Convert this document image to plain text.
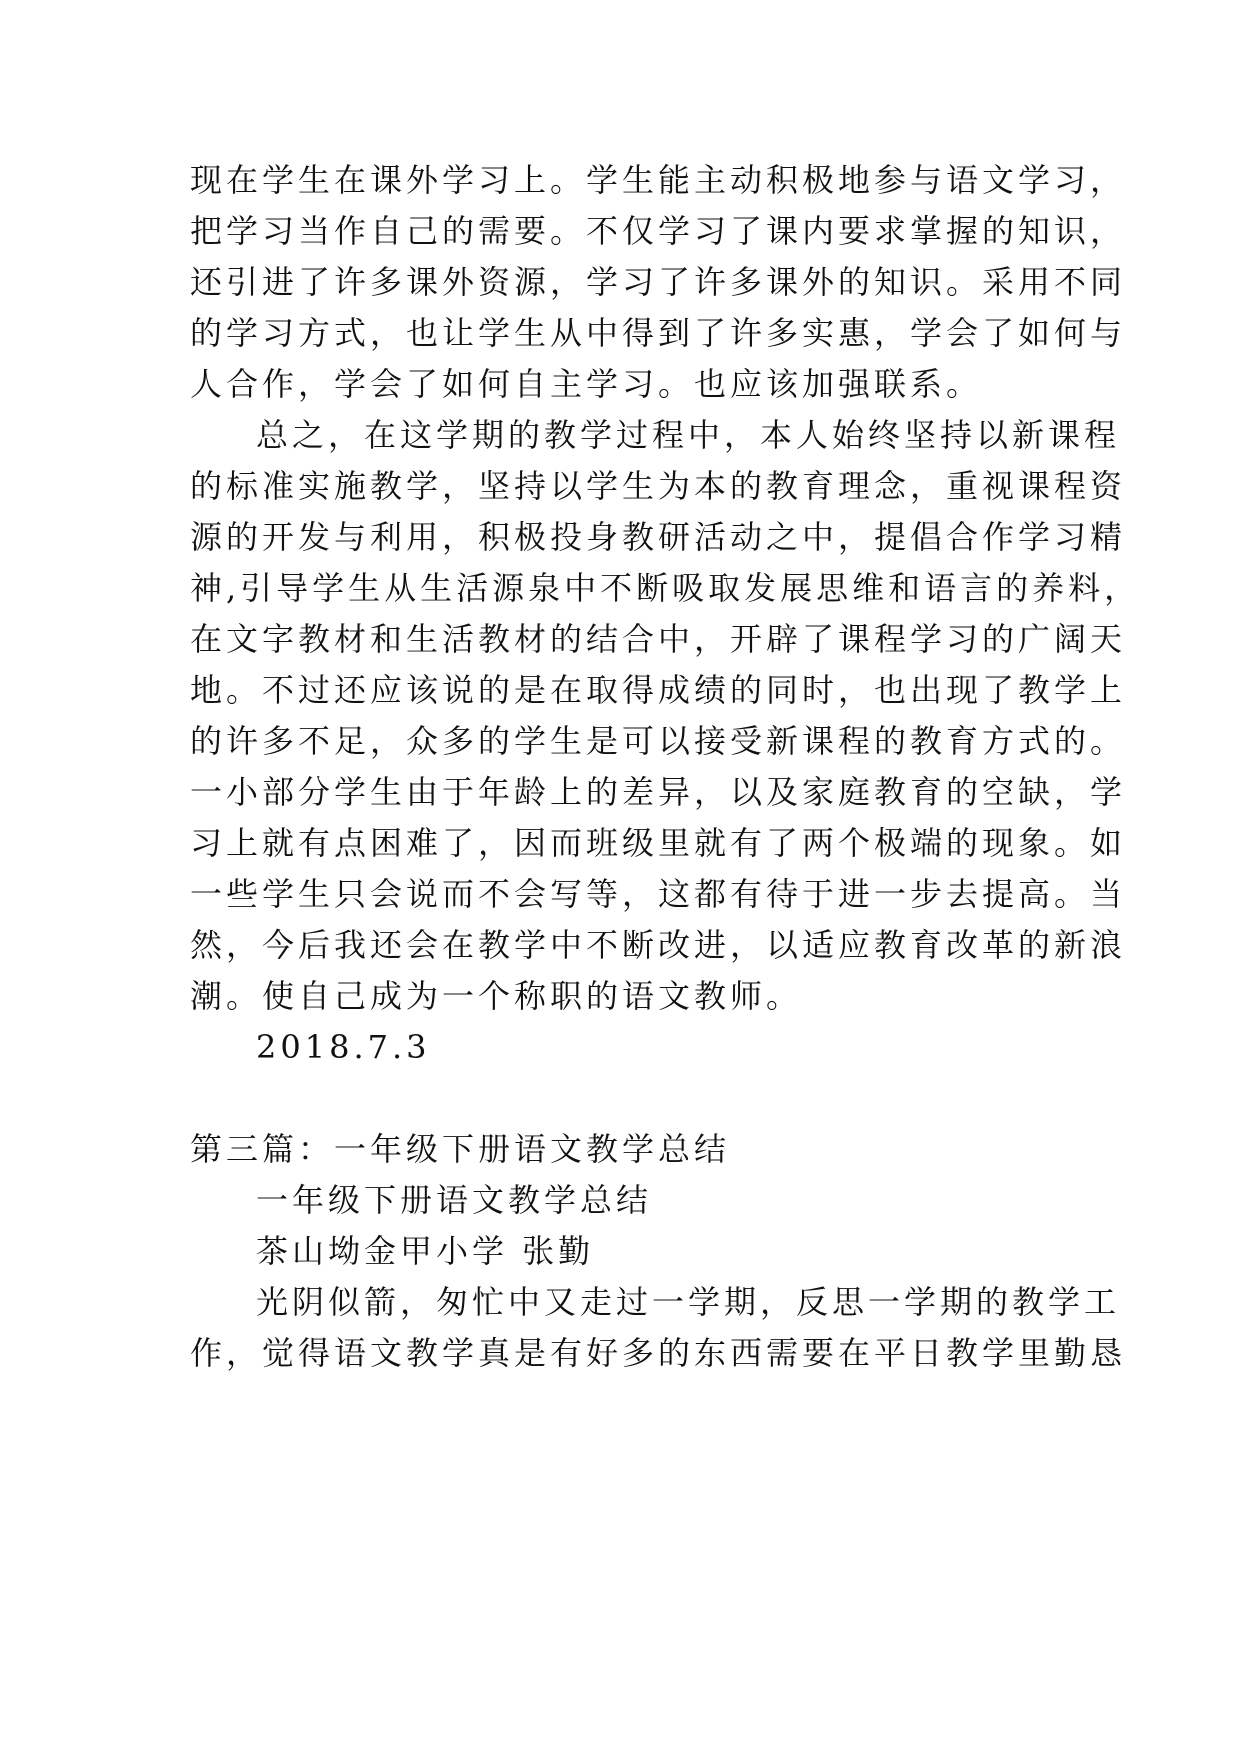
现在学生在课外学习上。学生能主动积极地参与语文学习，
把学习当作自己的需要。不仅学习了课内要求掌握的知识，
还引进了许多课外资源，学习了许多课外的知识。采用不同
的学习方式，也让学生从中得到了许多实惠，学会了如何与
人合作，学会了如何自主学习。也应该加强联系。
总之，在这学期的教学过程中，本人始终坚持以新课程
的标准实施教学，坚持以学生为本的教育理念，重视课程资
源的开发与利用，积极投身教研活动之中，提倡合作学习精
神,引导学生从生活源泉中不断吸取发展思维和语言的养料，
在文字教材和生活教材的结合中，开辟了课程学习的广阔天
地。不过还应该说的是在取得成绩的同时，也出现了教学上
的许多不足，众多的学生是可以接受新课程的教育方式的。
一小部分学生由于年龄上的差异，以及家庭教育的空缺，学
习上就有点困难了，因而班级里就有了两个极端的现象。如
一些学生只会说而不会写等，这都有待于进一步去提高。当
然，今后我还会在教学中不断改进，以适应教育改革的新浪
潮。使自己成为一个称职的语文教师。
2018.7.3
第三篇：一年级下册语文教学总结
一年级下册语文教学总结
茶山坳金甲小学 张勤
光阴似箭，匆忙中又走过一学期，反思一学期的教学工
作，觉得语文教学真是有好多的东西需要在平日教学里勤恳
